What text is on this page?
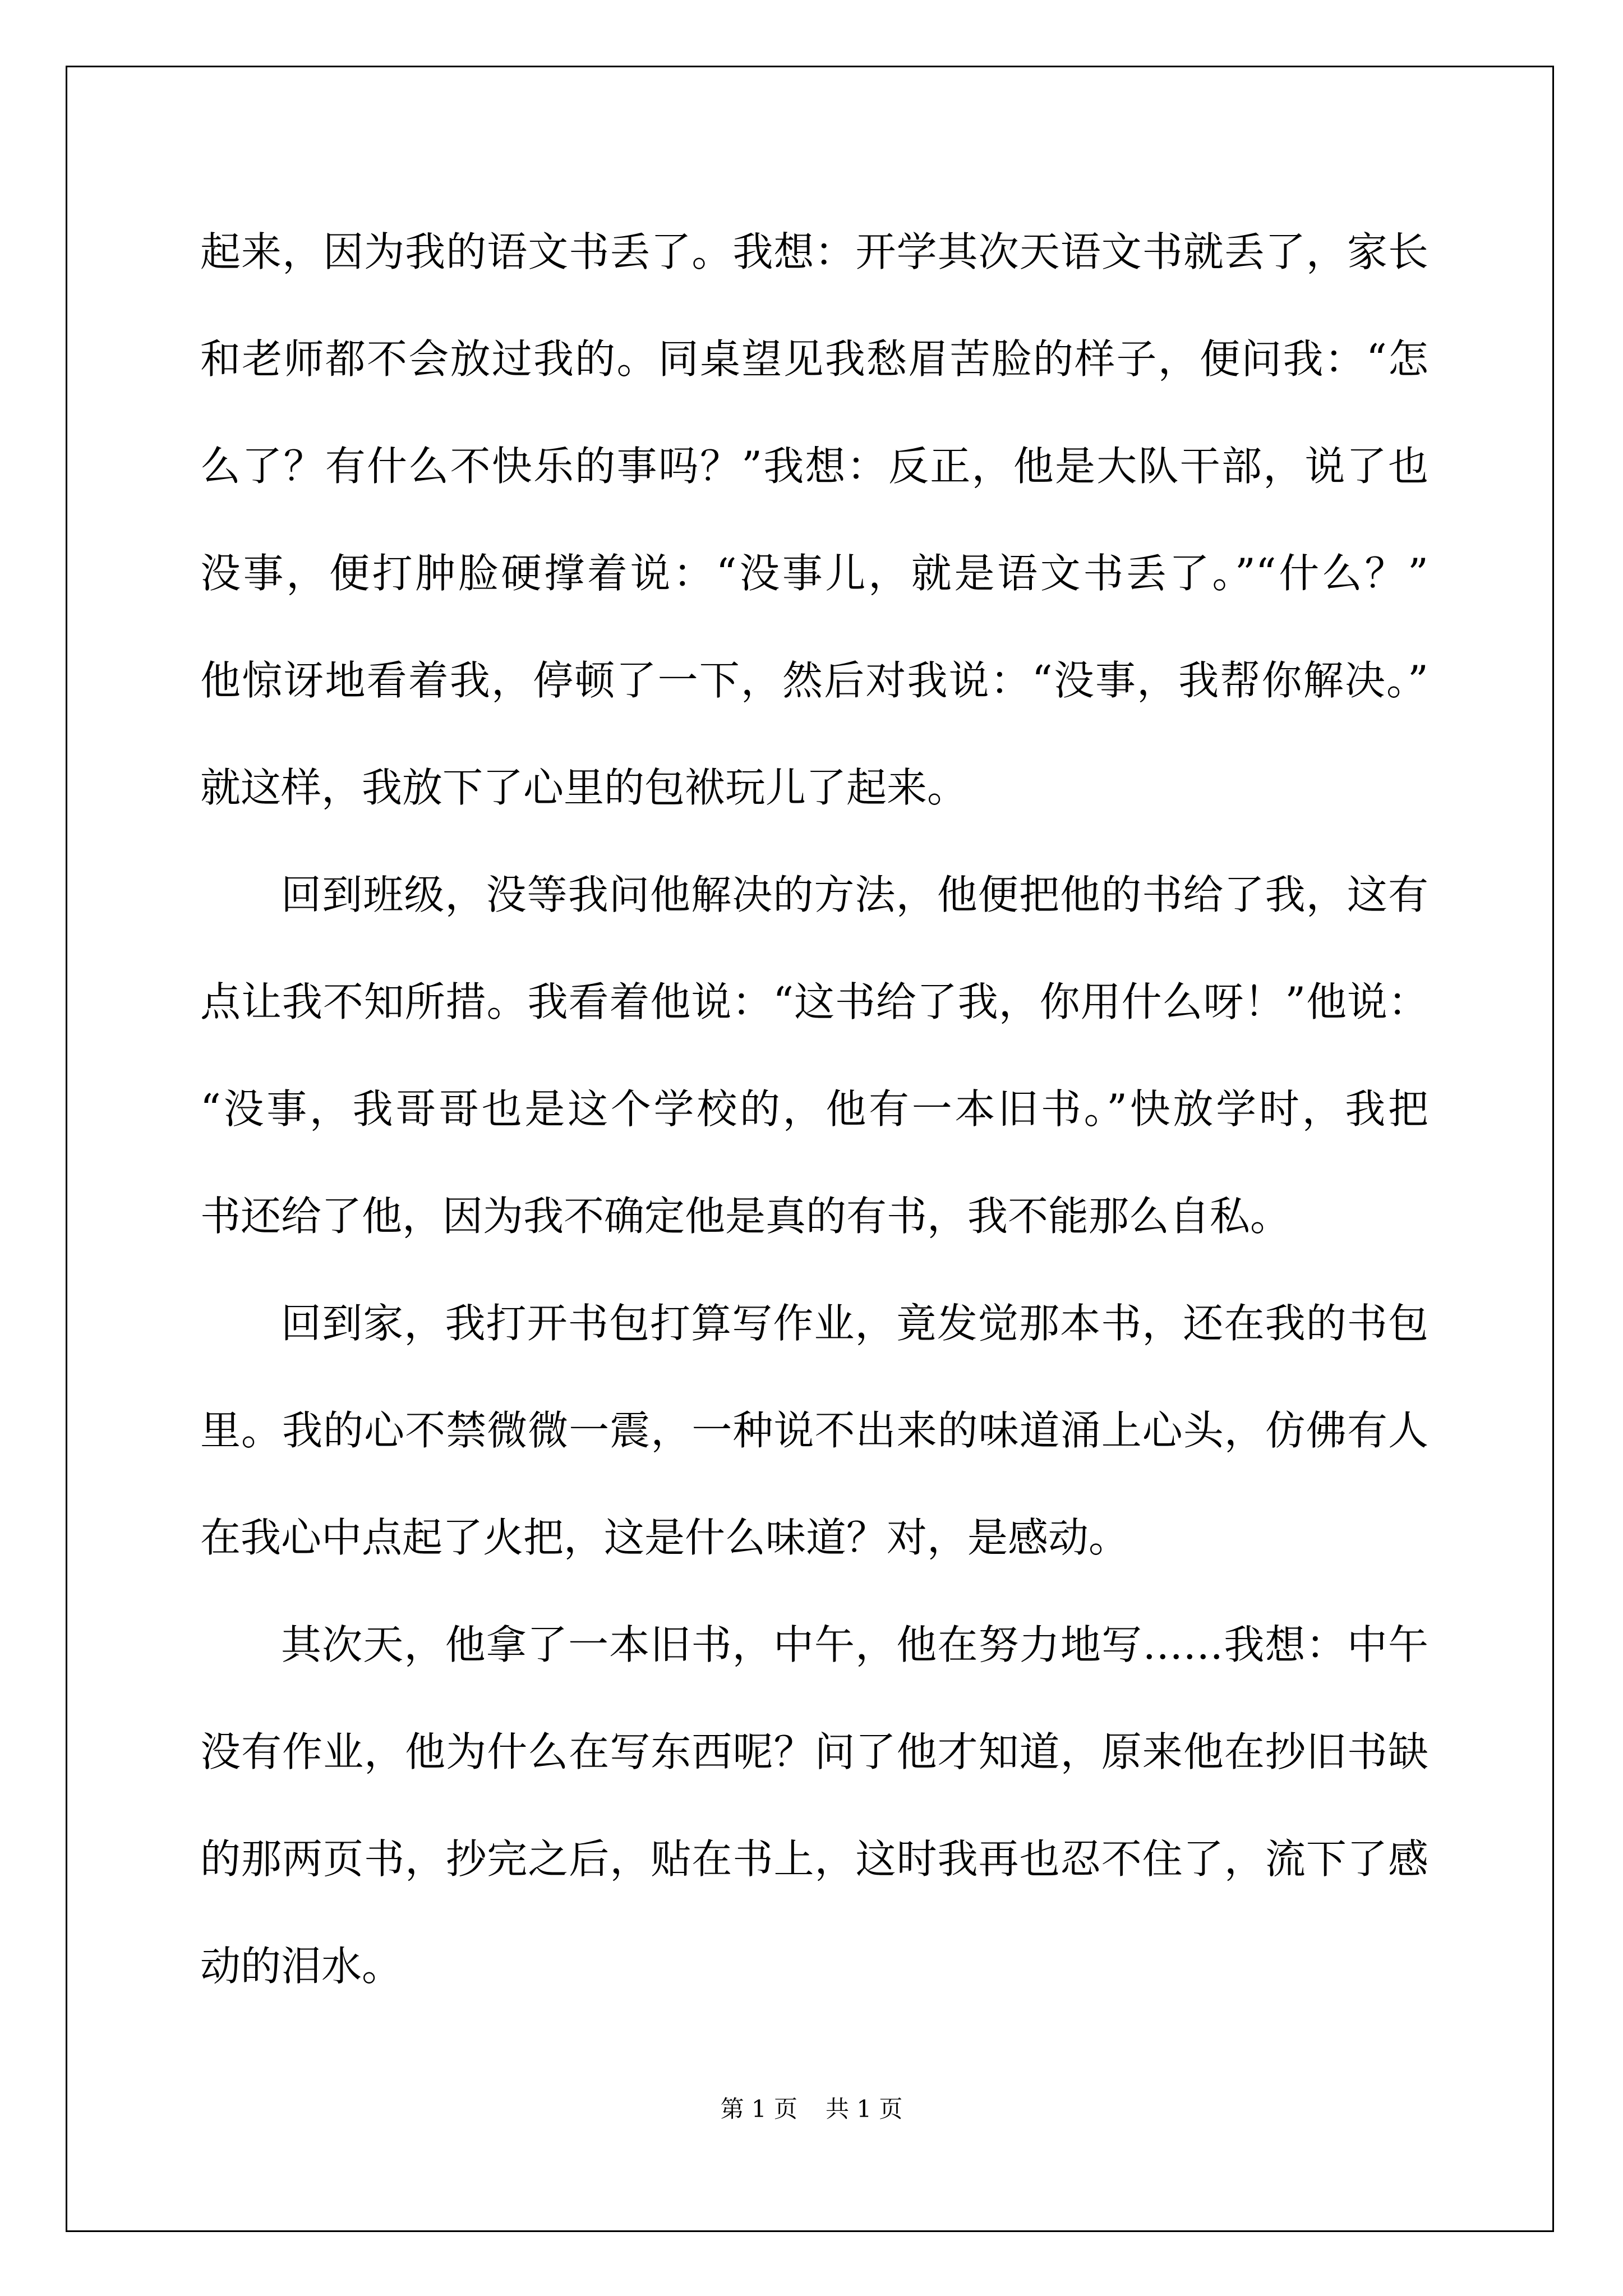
起来，因为我的语文书丢了。我想：开学其次天语文书就丢了，家长
和老师都不会放过我的。同桌望见我愁眉苦脸的样子，便问我：“怎
么了？有什么不快乐的事吗？”我想：反正，他是大队干部，说了也
没事，便打肿脸硬撑着说：“没事儿，就是语文书丢了。”“什么？”
他惊讶地看着我，停顿了一下，然后对我说：“没事，我帮你解决。”
就这样，我放下了心里的包袱玩儿了起来。
回到班级，没等我问他解决的方法，他便把他的书给了我，这有
点让我不知所措。我看着他说：“这书给了我，你用什么呀！”他说：
“没事，我哥哥也是这个学校的，他有一本旧书。”快放学时，我把
书还给了他，因为我不确定他是真的有书，我不能那么自私。
回到家，我打开书包打算写作业，竟发觉那本书，还在我的书包
里。我的心不禁微微一震，一种说不出来的味道涌上心头，仿佛有人
在我心中点起了火把，这是什么味道？对，是感动。
其次天，他拿了一本旧书，中午，他在努力地写……我想：中午
没有作业，他为什么在写东西呢？问了他才知道，原来他在抄旧书缺
的那两页书，抄完之后，贴在书上，这时我再也忍不住了，流下了感
动的泪水。
第 1 页 共 1 页
